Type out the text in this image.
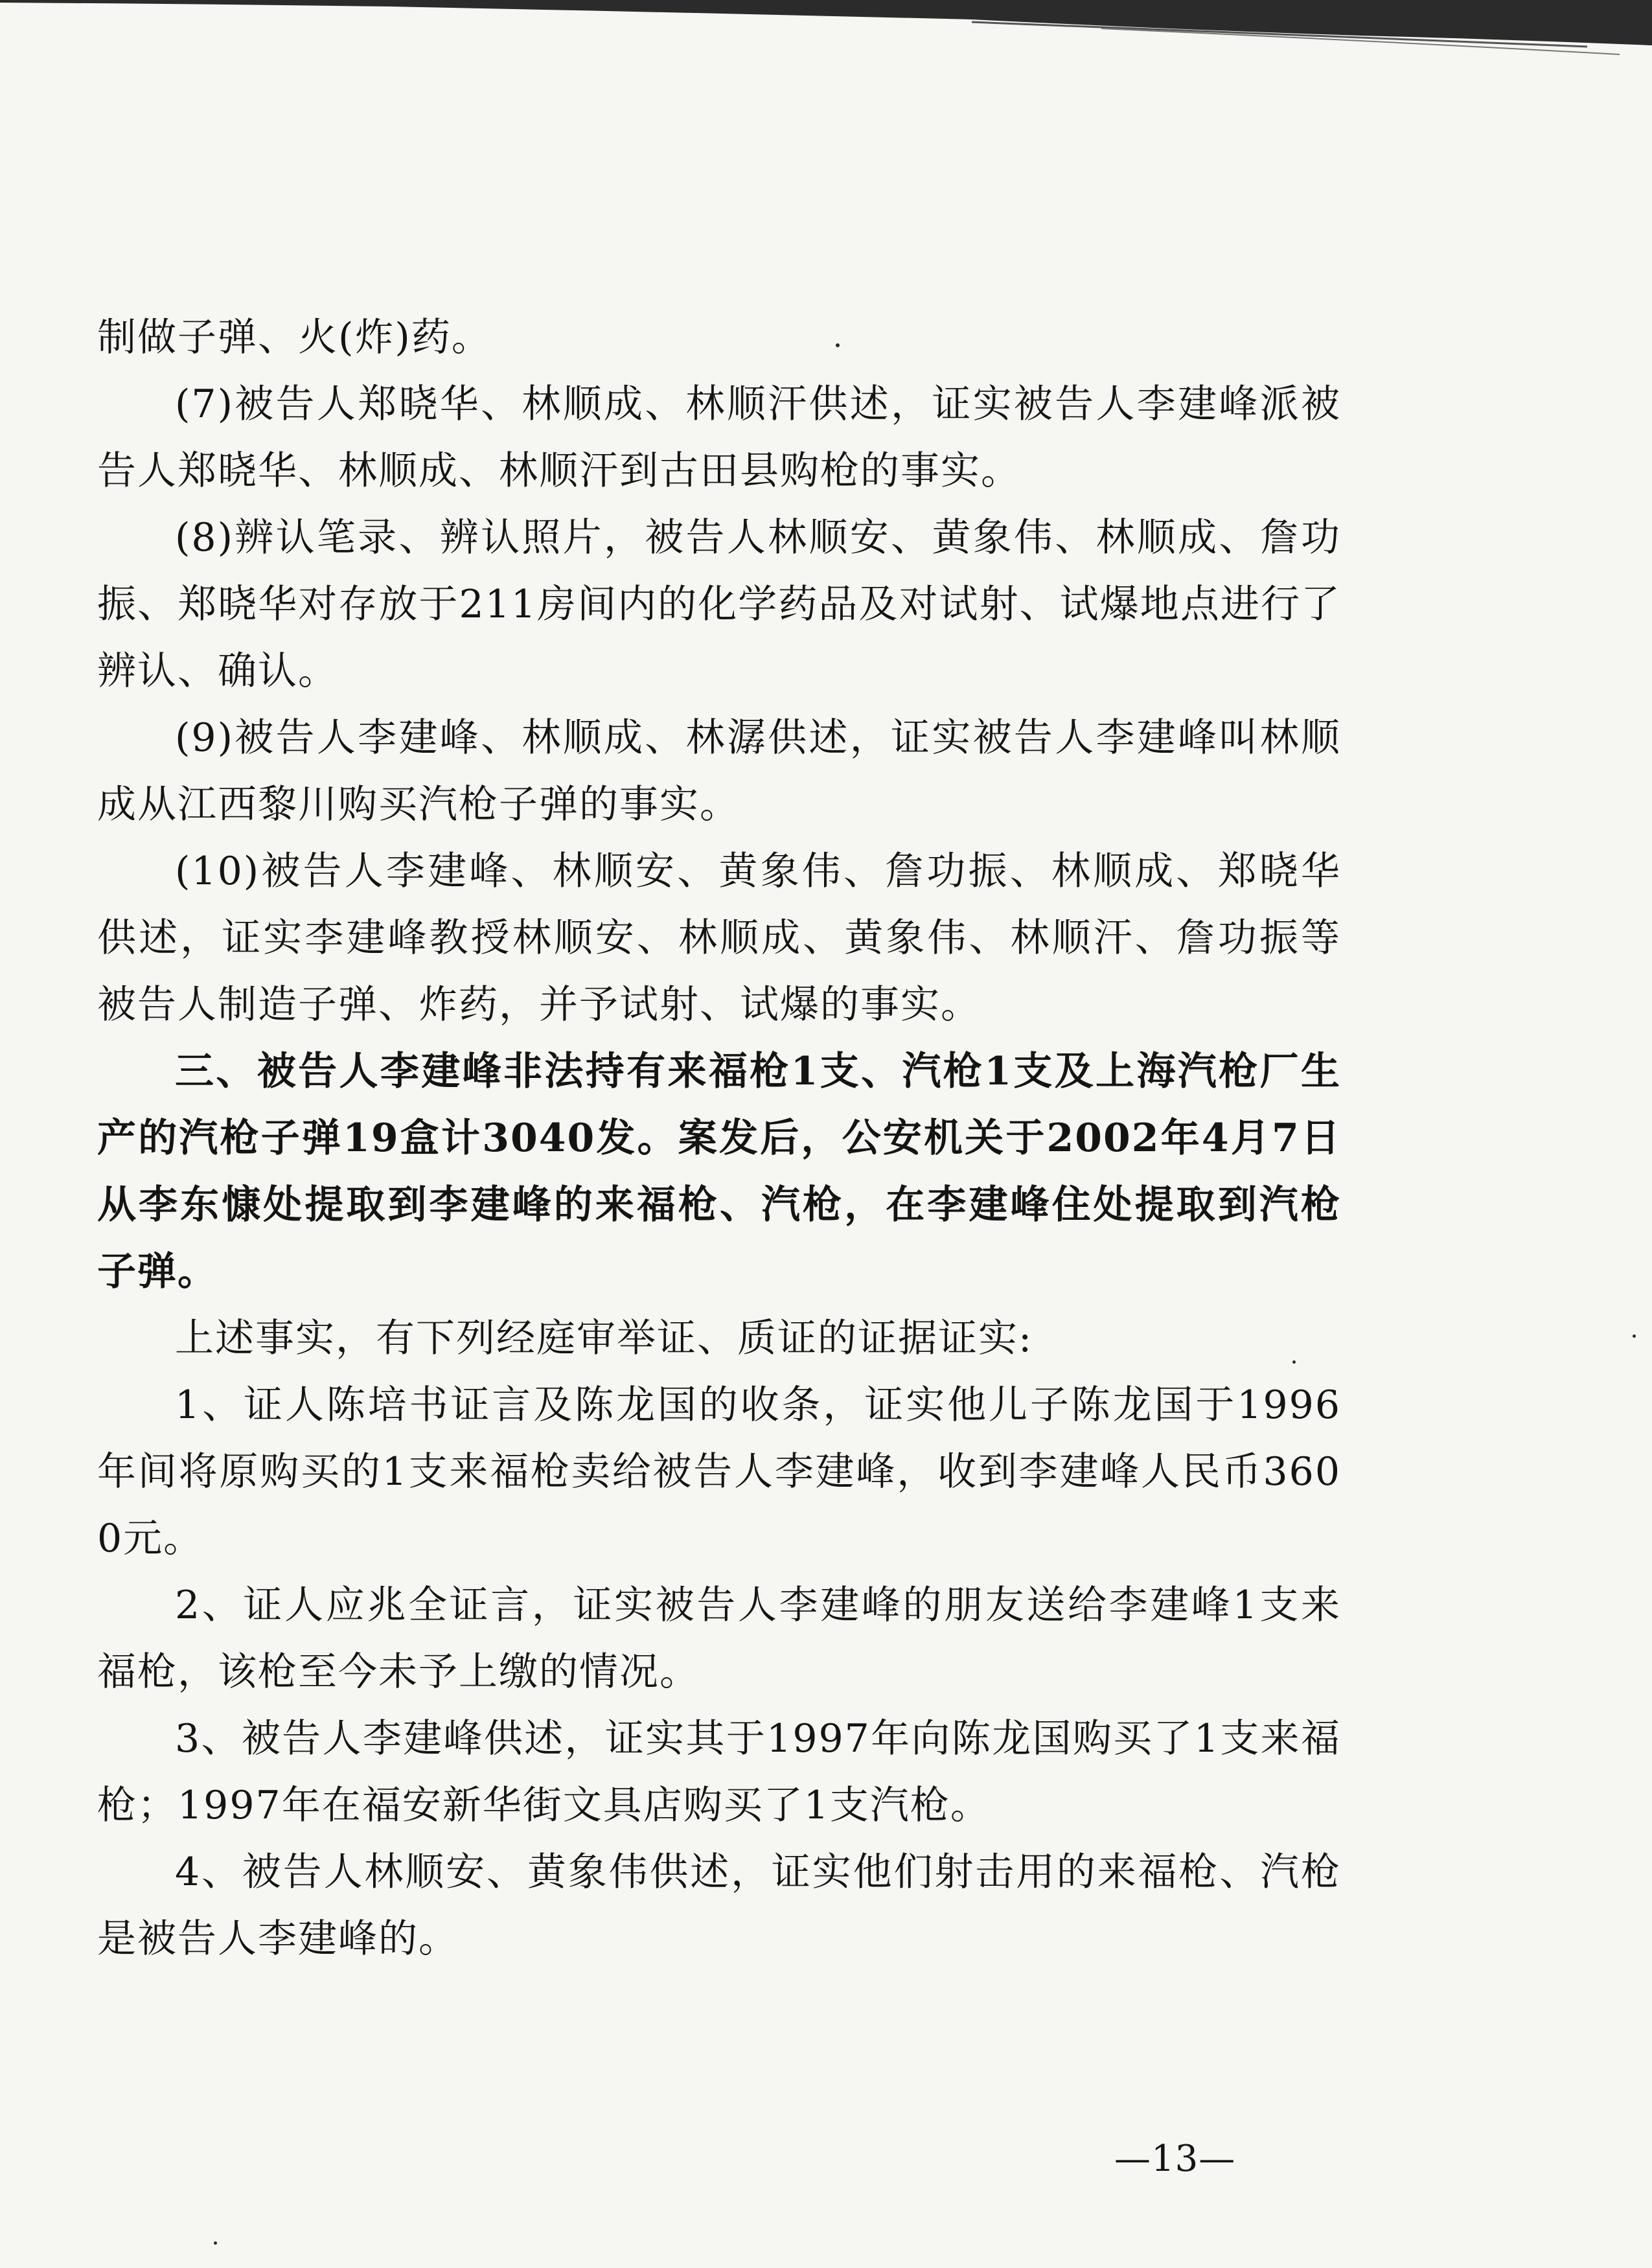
制做子弹、火(炸)药。

(7)被告人郑晓华、林顺成、林顺汗供述，证实被告人李建峰派被告人郑晓华、林顺成、林顺汗到古田县购枪的事实。

(8)辨认笔录、辨认照片，被告人林顺安、黄象伟、林顺成、詹功振、郑晓华对存放于211房间内的化学药品及对试射、试爆地点进行了辨认、确认。

(9)被告人李建峰、林顺成、林潺供述，证实被告人李建峰叫林顺成从江西黎川购买汽枪子弹的事实。

(10)被告人李建峰、林顺安、黄象伟、詹功振、林顺成、郑晓华供述，证实李建峰教授林顺安、林顺成、黄象伟、林顺汗、詹功振等被告人制造子弹、炸药，并予试射、试爆的事实。

三、被告人李建峰非法持有来福枪1支、汽枪1支及上海汽枪厂生产的汽枪子弹19盒计3040发。案发后，公安机关于2002年4月7日从李东慷处提取到李建峰的来福枪、汽枪，在李建峰住处提取到汽枪子弹。

上述事实，有下列经庭审举证、质证的证据证实:

1、证人陈培书证言及陈龙国的收条，证实他儿子陈龙国于1996年间将原购买的1支来福枪卖给被告人李建峰，收到李建峰人民币3600元。

2、证人应兆全证言，证实被告人李建峰的朋友送给李建峰1支来福枪，该枪至今未予上缴的情况。

3、被告人李建峰供述，证实其于1997年向陈龙国购买了1支来福枪；1997年在福安新华街文具店购买了1支汽枪。

4、被告人林顺安、黄象伟供述，证实他们射击用的来福枪、汽枪是被告人李建峰的。

—13—
